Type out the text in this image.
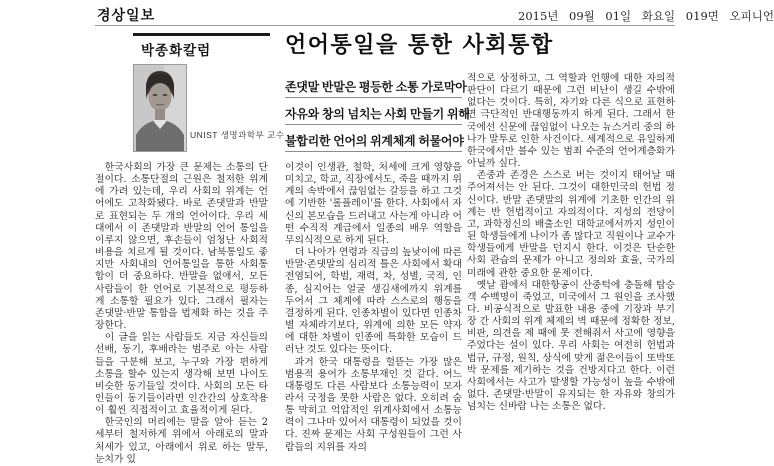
경상일보	2015년 09월 01일 화요일 019면 오피니언
박종화칼럼
UNIST 생명과학부 교수
언어통일을 통한 사회통합
존댓말 반말은 평등한 소통 가로막아
자유와 창의 넘치는 사회 만들기 위해
불합리한 언어의 위계체계 허물어야

한국사회의 가장 큰 문제는 소통의 단절이다. 소통단절의 근원은 철저한 위계에 가려 있는데, 우리 사회의 위계는 언어에도 고착화됐다. 바로 존댓말과 반말로 표현되는 두 개의 언어이다. 우리 세대에서 이 존댓말과 반말의 언어 통일을 이루지 않으면, 후손들이 엄청난 사회적 비용을 치르게 될 것이다. 남북통일도 좋지만 사회내의 언어통일을 통한 사회통합이 더 중요하다. 반말을 없애서, 모든 사람들이 한 언어로 기본적으로 평등하게 소통할 필요가 있다. 그래서 필자는 존댓말·반말 통합을 법제화 하는 것을 주장한다.

이 글을 읽는 사람들도 지금 자신들의 선배, 동기, 후배라는 범주로 아는 사람들을 구분해 보고, 누구와 가장 편하게 소통을 할수 있는지 생각해 보면 나이도 비슷한 동기들일 것이다. 사회의 모든 타인들이 동기들이라면 인간간의 상호작용이 훨씬 직접적이고 효율적이게 된다.

한국인의 머리에는 말을 알아 듣는 2세부터 철저하게 위에서 아래로의 말과 처세가 있고, 아래에서 위로 하는 말투, 눈치가 있

이것이 인생관, 철학, 처세에 크게 영향을 미치고, 학교, 직장에서도, 죽을 때까지 위계의 속박에서 끊임없는 갈등을 하고 그것에 기반한 '롤플레이'를 한다. 사회에서 자신의 본모습을 드러내고 사는게 아니라 어떤 수직적 계급에서 일종의 배우 역할을 무의식적으로 하게 된다.

더 나아가 연령과 직급의 높낮이에 따른 반말·존댓말의 심리적 틀은 사회에서 확대 전염되어, 학벌, 재력, 차, 성별, 국적, 인종, 심지어는 얼굴 생김새에까지 위계를 두어서 그 체계에 따라 스스로의 행동을 결정하게 된다. 인종차별이 있다면 인종차별 자체라기보다, 위계에 의한 모든 약자에 대한 차별이 인종에 특화한 모습이 드러난 것도 있다는 뜻이다.

과거 한국 대통령을 헐뜯는 가장 많은 범용적 용어가 소통부재인 것 같다. 어느 대통령도 다른 사람보다 소통능력이 모자라서 국정을 못한 사람은 없다. 오히려 숨통 막히고 억압적인 위계사회에서 소통능력이 그나마 있어서 대통령이 되었을 것이다. 진짜 문제는 사회 구성원들이 그런 사람들의 지위를 자의

적으로 상정하고, 그 역할과 언행에 대한 자의적 판단이 다르기 때문에 그런 비난이 생길 수밖에 없다는 것이다. 특히, 자기와 다른 식으로 표현하면 극단적인 반대행동까지 하게 된다. 그래서 한국에선 신문에 끊임없이 나오는 뉴스거리 중의 하나가 말투로 인한 사건이다. 세계적으로 유일하게 한국에서만 볼수 있는 범죄 수준의 언어계층화가 아닐까 싶다.

존중과 존경은 스스로 버는 것이지 태어날 때 주어져서는 안 된다. 그것이 대한민국의 헌법 정신이다. 반말 존댓말의 위계에 기초한 인간의 위계는 반 헌법적이고 자의적이다. 지성의 전당이고, 과학정신의 배출소인 대학교에서까지 성인이 된 학생들에게 나이가 좀 많다고 직원이나 교수가 학생들에게 반말을 던지시 한다. 이것은 단순한 사회 관습의 문제가 아니고 정의와 효율, 국가의 미래에 관한 중요한 문제이다.

옛날 괌에서 대한항공이 산중턱에 충돌해 탑승객 수백명이 죽었고, 미국에서 그 원인을 조사했다. 비공식적으로 발표한 내용 중에 기장과 부기장 간 사회의 위계 체제의 벽 때문에 정확한 정보, 비판, 의견을 제 때에 못 전해줘서 사고에 영향을 주었다는 설이 있다. 우리 사회는 여전히 헌법과 법규, 규정, 원칙, 상식에 맞게 젊은이들이 또박또박 문제를 제기하는 것을 건방지다고 한다. 이런 사회에서는 사고가 발생할 가능성이 높을 수밖에 없다. 존댓말·반말이 유지되는 한 자유와 창의가 넘치는 신바람 나는 소통은 없다.
